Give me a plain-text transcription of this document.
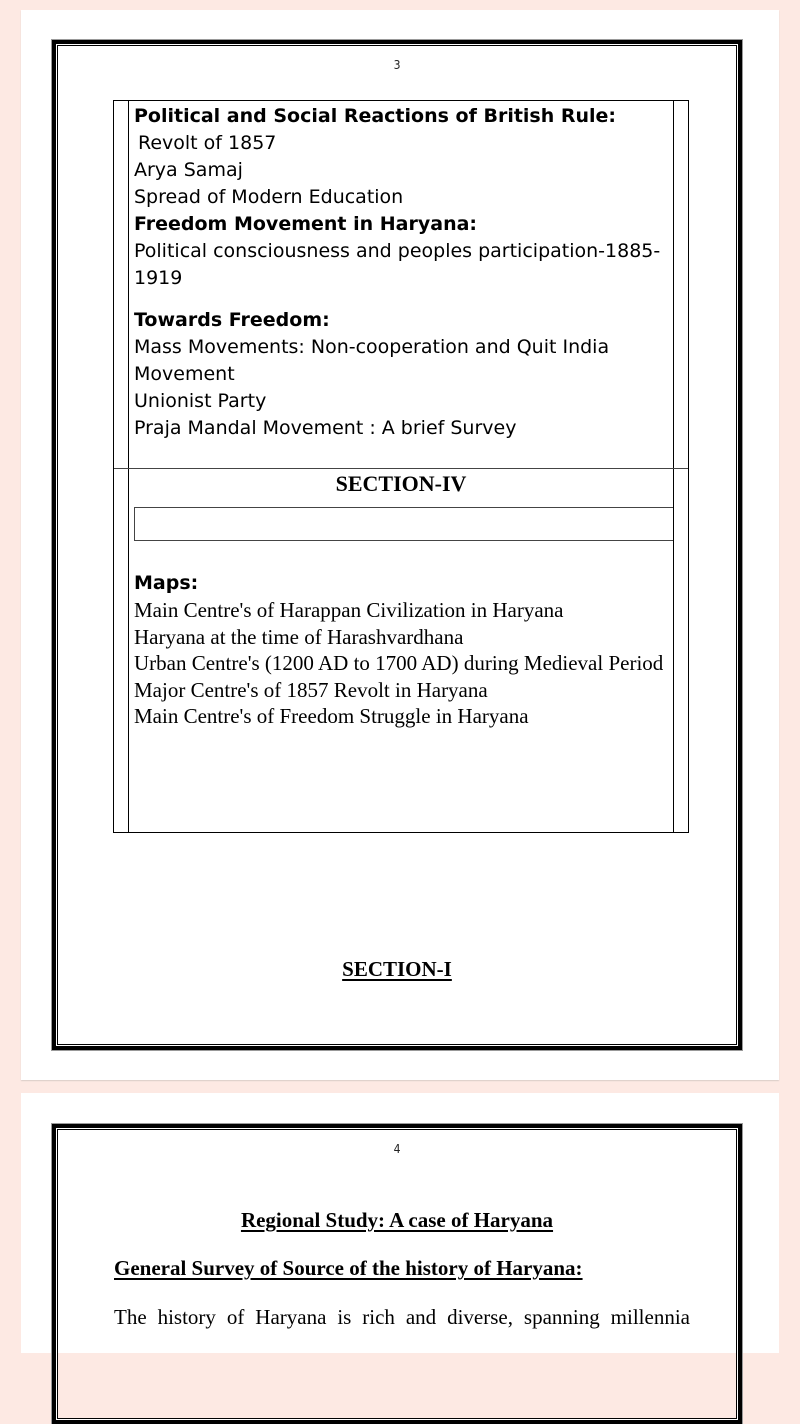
3
Political and Social Reactions of British Rule:
Revolt of 1857
Arya Samaj
Spread of Modern Education
Freedom Movement in Haryana:
Political consciousness and peoples participation-1885-1919
Towards Freedom:
Mass Movements: Non-cooperation and Quit India Movement
Unionist Party
Praja Mandal Movement : A brief Survey
SECTION-IV
Maps:
Main Centre's of Harappan Civilization in Haryana
Haryana at the time of Harashvardhana
Urban Centre's (1200 AD to 1700 AD) during Medieval Period
Major Centre's of 1857 Revolt in Haryana
Main Centre's of Freedom Struggle in Haryana
SECTION-I
4
Regional Study: A case of Haryana
General Survey of Source of the history of Haryana:
The history of Haryana is rich and diverse, spanning millennia
